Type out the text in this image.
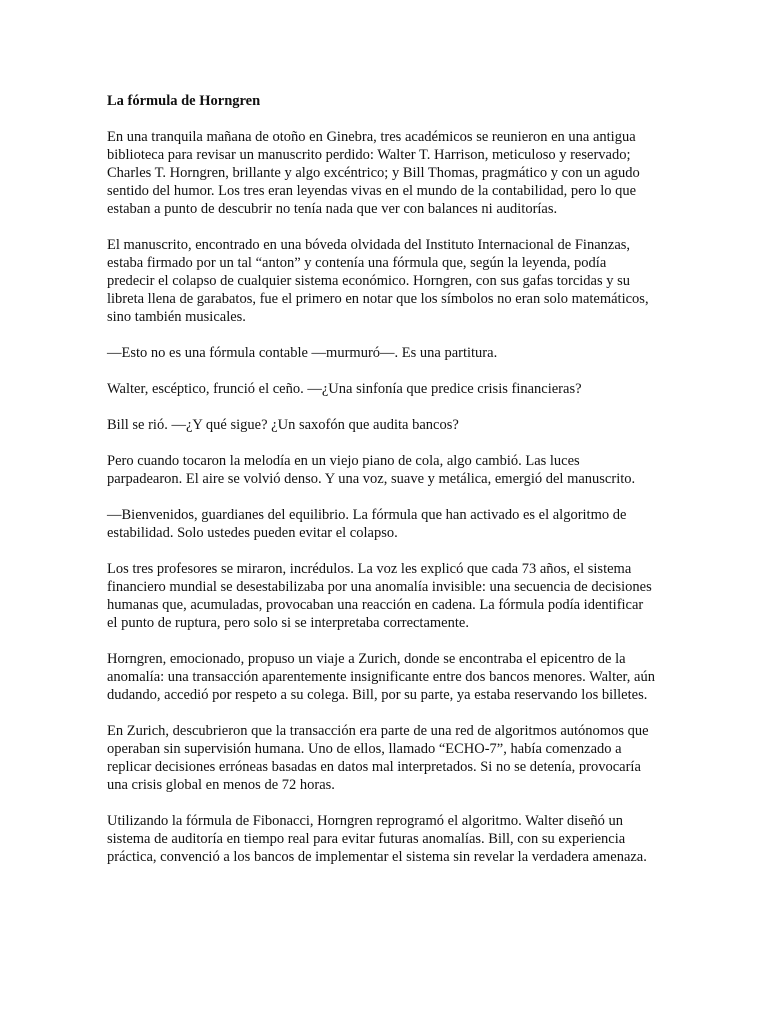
La fórmula de Horngren

En una tranquila mañana de otoño en Ginebra, tres académicos se reunieron en una antigua biblioteca para revisar un manuscrito perdido: Walter T. Harrison, meticuloso y reservado; Charles T. Horngren, brillante y algo excéntrico; y Bill Thomas, pragmático y con un agudo sentido del humor. Los tres eran leyendas vivas en el mundo de la contabilidad, pero lo que estaban a punto de descubrir no tenía nada que ver con balances ni auditorías.

El manuscrito, encontrado en una bóveda olvidada del Instituto Internacional de Finanzas, estaba firmado por un tal “anton” y contenía una fórmula que, según la leyenda, podía predecir el colapso de cualquier sistema económico. Horngren, con sus gafas torcidas y su libreta llena de garabatos, fue el primero en notar que los símbolos no eran solo matemáticos, sino también musicales.

—Esto no es una fórmula contable —murmuró—. Es una partitura.

Walter, escéptico, frunció el ceño. —¿Una sinfonía que predice crisis financieras?

Bill se rió. —¿Y qué sigue? ¿Un saxofón que audita bancos?

Pero cuando tocaron la melodía en un viejo piano de cola, algo cambió. Las luces parpadearon. El aire se volvió denso. Y una voz, suave y metálica, emergió del manuscrito.

—Bienvenidos, guardianes del equilibrio. La fórmula que han activado es el algoritmo de estabilidad. Solo ustedes pueden evitar el colapso.

Los tres profesores se miraron, incrédulos. La voz les explicó que cada 73 años, el sistema financiero mundial se desestabilizaba por una anomalía invisible: una secuencia de decisiones humanas que, acumuladas, provocaban una reacción en cadena. La fórmula podía identificar el punto de ruptura, pero solo si se interpretaba correctamente.

Horngren, emocionado, propuso un viaje a Zurich, donde se encontraba el epicentro de la anomalía: una transacción aparentemente insignificante entre dos bancos menores. Walter, aún dudando, accedió por respeto a su colega. Bill, por su parte, ya estaba reservando los billetes.

En Zurich, descubrieron que la transacción era parte de una red de algoritmos autónomos que operaban sin supervisión humana. Uno de ellos, llamado “ECHO-7”, había comenzado a replicar decisiones erróneas basadas en datos mal interpretados. Si no se detenía, provocaría una crisis global en menos de 72 horas.

Utilizando la fórmula de Fibonacci, Horngren reprogramó el algoritmo. Walter diseñó un sistema de auditoría en tiempo real para evitar futuras anomalías. Bill, con su experiencia práctica, convenció a los bancos de implementar el sistema sin revelar la verdadera amenaza.
